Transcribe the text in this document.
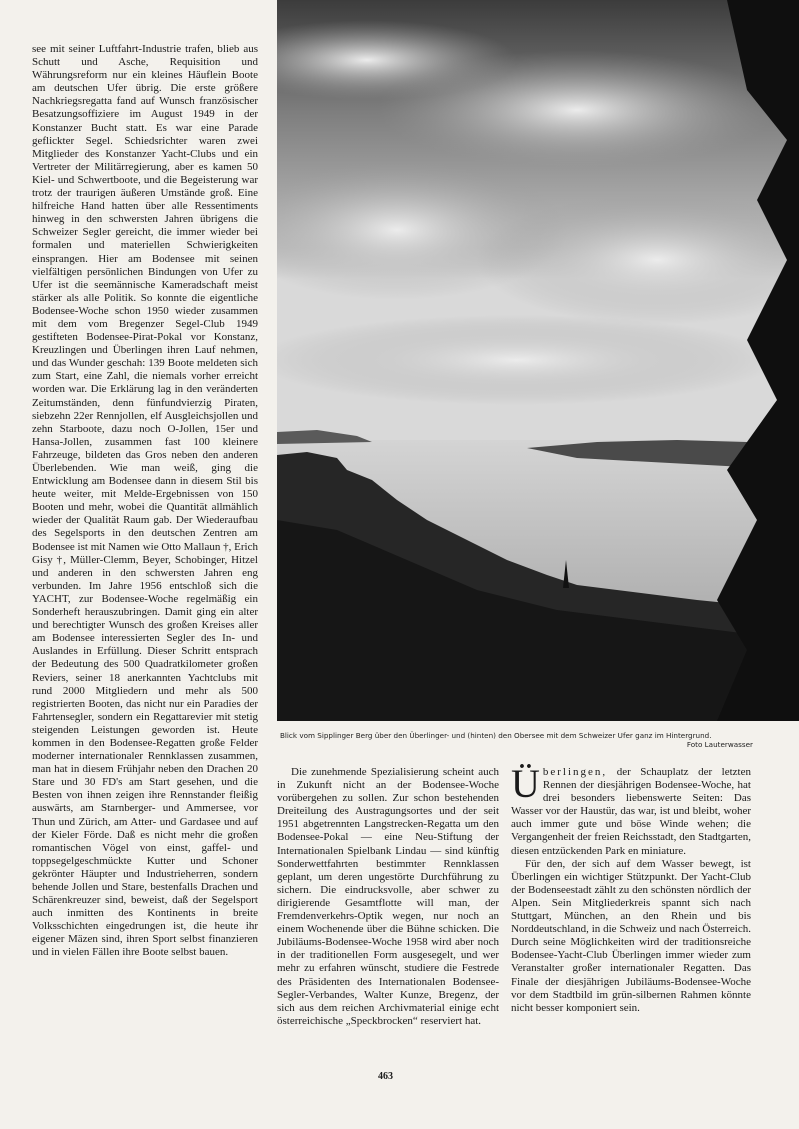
see mit seiner Luftfahrt-Industrie trafen, blieb aus Schutt und Asche, Requisition und Währungsreform nur ein kleines Häuflein Boote am deutschen Ufer übrig. Die erste größere Nachkriegsregatta fand auf Wunsch französischer Besatzungsoffiziere im August 1949 in der Konstanzer Bucht statt. Es war eine Parade geflickter Segel. Schiedsrichter waren zwei Mitglieder des Konstanzer Yacht-Clubs und ein Vertreter der Militärregierung, aber es kamen 50 Kiel- und Schwertboote, und die Begeisterung war trotz der traurigen äußeren Umstände groß. Eine hilfreiche Hand hatten über alle Ressentiments hinweg in den schwersten Jahren übrigens die Schweizer Segler gereicht, die immer wieder bei formalen und materiellen Schwierigkeiten einsprangen. Hier am Bodensee mit seinen vielfältigen persönlichen Bindungen von Ufer zu Ufer ist die seemännische Kameradschaft meist stärker als alle Politik. So konnte die eigentliche Bodensee-Woche schon 1950 wieder zusammen mit dem vom Bregenzer Segel-Club 1949 gestifteten Bodensee-Pirat-Pokal vor Konstanz, Kreuzlingen und Überlingen ihren Lauf nehmen, und das Wunder geschah: 139 Boote meldeten sich zum Start, eine Zahl, die niemals vorher erreicht worden war. Die Erklärung lag in den veränderten Zeitumständen, denn fünfundvierzig Piraten, siebzehn 22er Rennjollen, elf Ausgleichsjollen und zehn Starboote, dazu noch O-Jollen, 15er und Hansa-Jollen, zusammen fast 100 kleinere Fahrzeuge, bildeten das Gros neben den anderen Überlebenden. Wie man weiß, ging die Entwicklung am Bodensee dann in diesem Stil bis heute weiter, mit Melde-Ergebnissen von 150 Booten und mehr, wobei die Quantität allmählich wieder der Qualität Raum gab. Der Wiederaufbau des Segelsports in den deutschen Zentren am Bodensee ist mit Namen wie Otto Mallaun †, Erich Gisy †, Müller-Clemm, Beyer, Schobinger, Hitzel und anderen in den schwersten Jahren eng verbunden. Im Jahre 1956 entschloß sich die YACHT, zur Bodensee-Woche regelmäßig ein Sonderheft herauszubringen. Damit ging ein alter und berechtigter Wunsch des großen Kreises aller am Bodensee interessierten Segler des In- und Auslandes in Erfüllung. Dieser Schritt entsprach der Bedeutung des 500 Quadratkilometer großen Reviers, seiner 18 anerkannten Yachtclubs mit rund 2000 Mitgliedern und mehr als 500 registrierten Booten, das nicht nur ein Paradies der Fahrtensegler, sondern ein Regattarevier mit stetig steigenden Leistungen geworden ist. Heute kommen in den Bodensee-Regatten große Felder moderner internationaler Rennklassen zusammen, man hat in diesem Frühjahr neben den Drachen 20 Stare und 30 FD's am Start gesehen, und die Besten von ihnen zeigen ihre Rennstander fleißig auswärts, am Starnberger- und Ammersee, vor Thun und Zürich, am Atter- und Gardasee und auf der Kieler Förde. Daß es nicht mehr die großen romantischen Vögel von einst, gaffel- und toppsegelgeschmückte Kutter und Schoner gekrönter Häupter und Industrieherren, sondern behende Jollen und Stare, bestenfalls Drachen und Schärenkreuzer sind, beweist, daß der Segelsport auch inmitten des Kontinents in breite Volksschichten eingedrungen ist, die heute ihr eigener Mäzen sind, ihren Sport selbst finanzieren und in vielen Fällen ihre Boote selbst bauen.

Blick vom Sipplinger Berg über den Überlinger- und (hinten) den Obersee mit dem Schweizer Ufer ganz im Hintergrund.
Foto Lauterwasser

Die zunehmende Spezialisierung scheint auch in Zukunft nicht an der Bodensee-Woche vorübergehen zu sollen. Zur schon bestehenden Dreiteilung des Austragungsortes und der seit 1951 abgetrennten Langstrecken-Regatta um den Bodensee-Pokal — eine Neu-Stiftung der Internationalen Spielbank Lindau — sind künftig Sonderwettfahrten bestimmter Rennklassen geplant, um deren ungestörte Durchführung zu sichern. Die eindrucksvolle, aber schwer zu dirigierende Gesamtflotte will man, der Fremdenverkehrs-Optik wegen, nur noch an einem Wochenende über die Bühne schicken. Die Jubiläums-Bodensee-Woche 1958 wird aber noch in der traditionellen Form ausgesegelt, und wer mehr zu erfahren wünscht, studiere die Festrede des Präsidenten des Internationalen Bodensee-Segler-Verbandes, Walter Kunze, Bregenz, der sich aus dem reichen Archivmaterial einige echt österreichische „Speckbrocken“ reserviert hat.

Überlingen, der Schauplatz der letzten Rennen der diesjährigen Bodensee-Woche, hat drei besonders liebenswerte Seiten: Das Wasser vor der Haustür, das war, ist und bleibt, woher auch immer gute und böse Winde wehen; die Vergangenheit der freien Reichsstadt, den Stadtgarten, diesen entzückenden Park en miniature.

Für den, der sich auf dem Wasser bewegt, ist Überlingen ein wichtiger Stützpunkt. Der Yacht-Club der Bodenseestadt zählt zu den schönsten nördlich der Alpen. Sein Mitgliederkreis spannt sich nach Stuttgart, München, an den Rhein und bis Norddeutschland, in die Schweiz und nach Österreich. Durch seine Möglichkeiten wird der traditionsreiche Bodensee-Yacht-Club Überlingen immer wieder zum Veranstalter großer internationaler Regatten. Das Finale der diesjährigen Jubiläums-Bodensee-Woche vor dem Stadtbild im grün-silbernen Rahmen könnte nicht besser komponiert sein.

463
